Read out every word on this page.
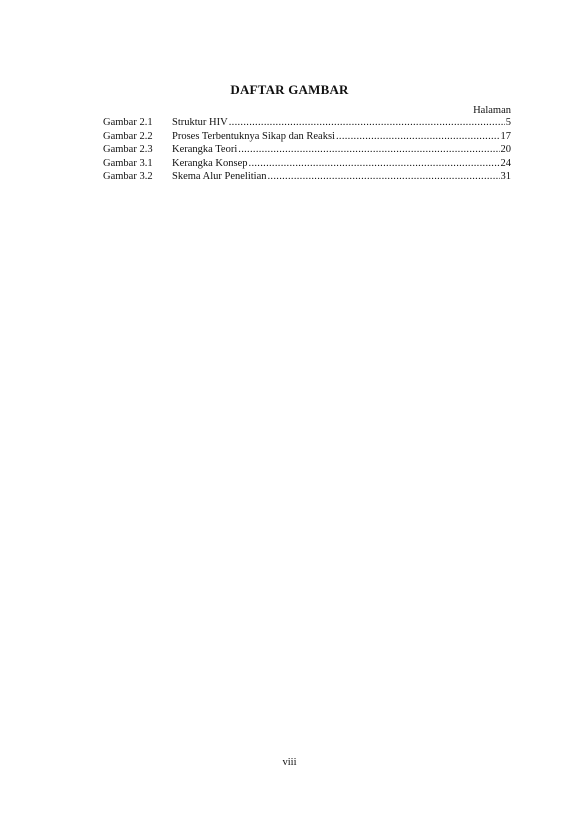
DAFTAR GAMBAR
Halaman
Gambar 2.1	Struktur HIV .....	5
Gambar 2.2	Proses Terbentuknya Sikap dan Reaksi .....	17
Gambar 2.3	Kerangka Teori .....	20
Gambar 3.1	Kerangka Konsep .....	24
Gambar 3.2	Skema Alur Penelitian .....	31
viii
